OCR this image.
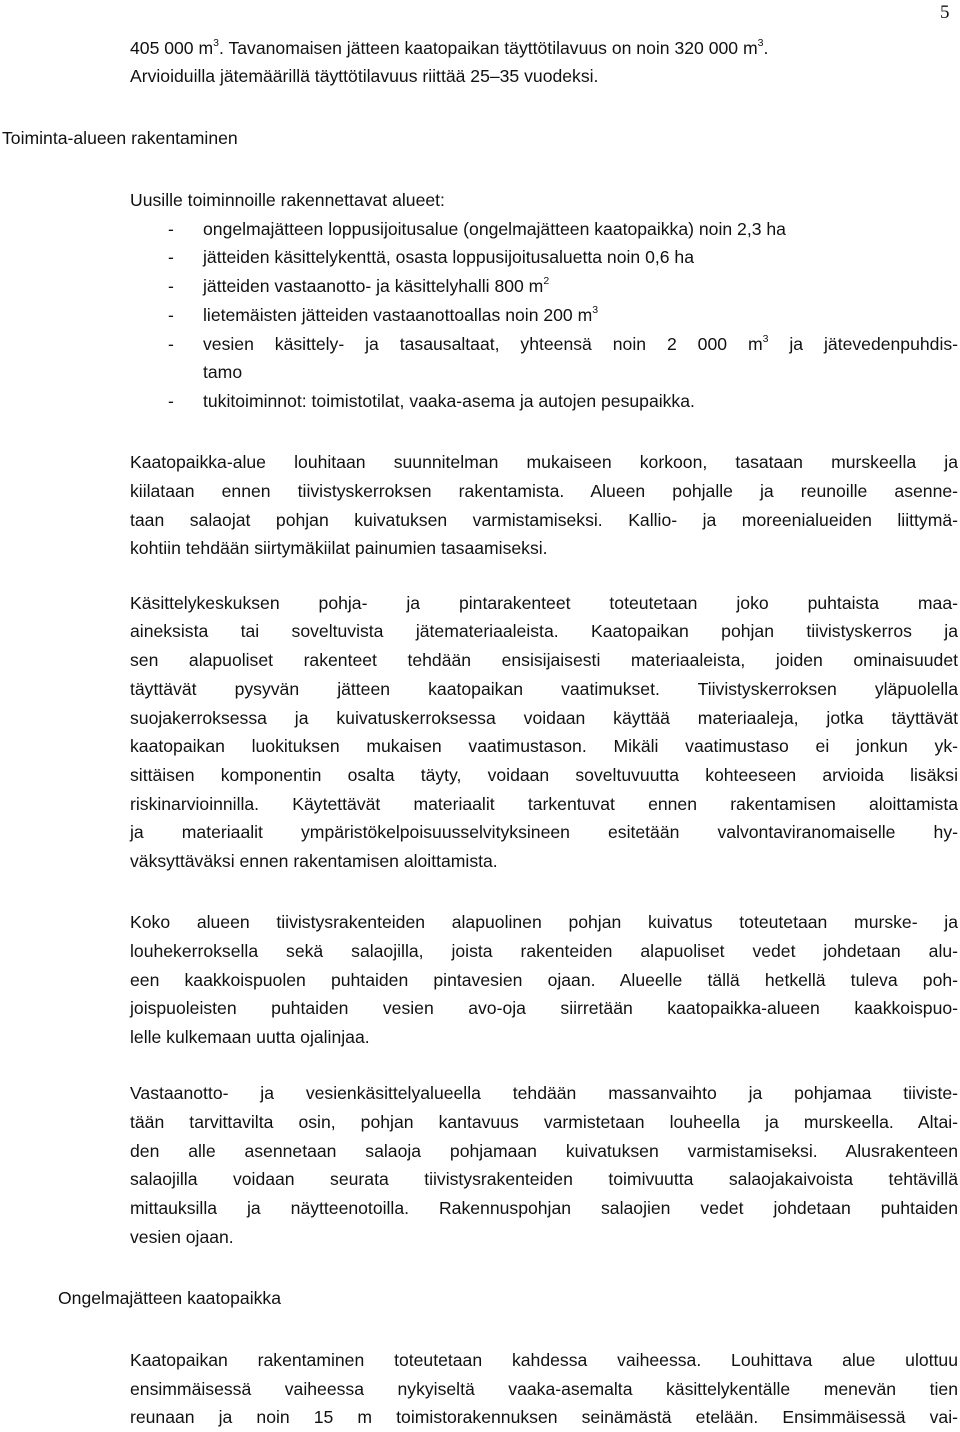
5
405 000 $m^3$. Tavanomaisen jätteen kaatopaikan täyttötilavuus on noin 320 000 $m^3$.
Arvioiduilla jätemäärillä täyttötilavuus riittää 25–35 vuodeksi.
Toiminta-alueen rakentaminen
Uusille toiminnoille rakennettavat alueet:
- ongelmajätteen loppusijoitusalue (ongelmajätteen kaatopaikka) noin 2,3 ha
- jätteiden käsittelykenttä, osasta loppusijoitusaluetta noin 0,6 ha
- jätteiden vastaanotto- ja käsittelyhalli 800 $m^2$
- lietemäisten jätteiden vastaanottoallas noin 200 $m^3$
- vesien käsittely- ja tasausaltaat, yhteensä noin 2 000 $m^3$ ja jätevedenpuhdis-
tamo
- tukitoiminnot: toimistotilat, vaaka-asema ja autojen pesupaikka.
Kaatopaikka-alue louhitaan suunnitelman mukaiseen korkoon, tasataan murskeella ja
kiilataan ennen tiivistyskerroksen rakentamista. Alueen pohjalle ja reunoille asenne-
taan salaojat pohjan kuivatuksen varmistamiseksi. Kallio- ja moreenialueiden liittymä-
kohtiin tehdään siirtymäkiilat painumien tasaamiseksi.
Käsittelykeskuksen pohja- ja pintarakenteet toteutetaan joko puhtaista maa-
aineksista tai soveltuvista jätemateriaaleista. Kaatopaikan pohjan tiivistyskerros ja
sen alapuoliset rakenteet tehdään ensisijaisesti materiaaleista, joiden ominaisuudet
täyttävät pysyvän jätteen kaatopaikan vaatimukset. Tiivistyskerroksen yläpuolella
suojakerroksessa ja kuivatuskerroksessa voidaan käyttää materiaaleja, jotka täyttävät
kaatopaikan luokituksen mukaisen vaatimustason. Mikäli vaatimustaso ei jonkun yk-
sittäisen komponentin osalta täyty, voidaan soveltuvuutta kohteeseen arvioida lisäksi
riskinarvioinnilla. Käytettävät materiaalit tarkentuvat ennen rakentamisen aloittamista
ja materiaalit ympäristökelpoisuusselvityksineen esitetään valvontaviranomaiselle hy-
väksyttäväksi ennen rakentamisen aloittamista.
Koko alueen tiivistysrakenteiden alapuolinen pohjan kuivatus toteutetaan murske- ja
louhekerroksella sekä salaojilla, joista rakenteiden alapuoliset vedet johdetaan alu-
een kaakkoispuolen puhtaiden pintavesien ojaan. Alueelle tällä hetkellä tuleva poh-
joispuoleisten puhtaiden vesien avo-oja siirretään kaatopaikka-alueen kaakkoispuo-
lelle kulkemaan uutta ojalinjaa.
Vastaanotto- ja vesienkäsittelyalueella tehdään massanvaihto ja pohjamaa tiiviste-
tään tarvittavilta osin, pohjan kantavuus varmistetaan louheella ja murskeella. Altai-
den alle asennetaan salaoja pohjamaan kuivatuksen varmistamiseksi. Alusrakenteen
salaojilla voidaan seurata tiivistysrakenteiden toimivuutta salaojakaivoista tehtävillä
mittauksilla ja näytteenotoilla. Rakennuspohjan salaojien vedet johdetaan puhtaiden
vesien ojaan.
Ongelmajätteen kaatopaikka
Kaatopaikan rakentaminen toteutetaan kahdessa vaiheessa. Louhittava alue ulottuu
ensimmäisessä vaiheessa nykyiseltä vaaka-asemalta käsittelykentälle menevän tien
reunaan ja noin 15 m toimistorakennuksen seinämästä etelään. Ensimmäisessä vai-
